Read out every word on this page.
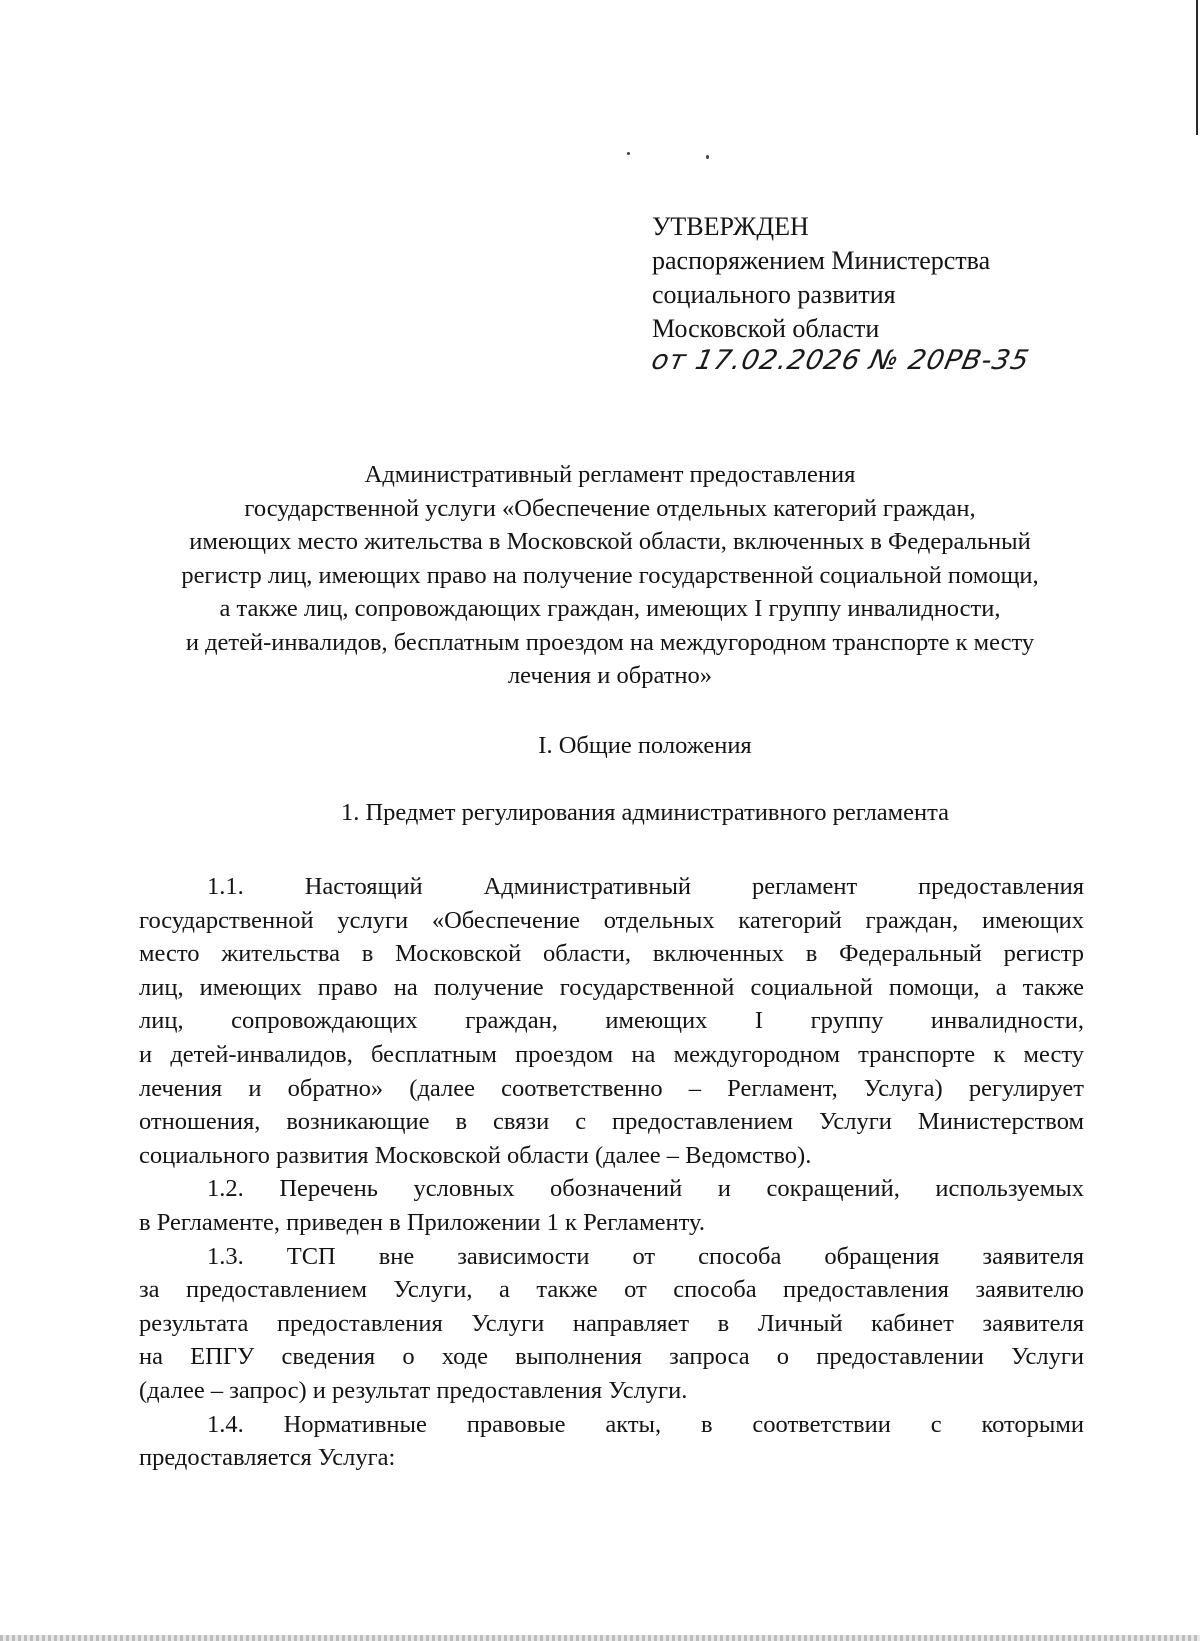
УТВЕРЖДЕН
распоряжением Министерства
социального развития
Московской области
от 17.02.2026 № 20РВ-35
Административный регламент предоставления
государственной услуги «Обеспечение отдельных категорий граждан,
имеющих место жительства в Московской области, включенных в Федеральный
регистр лиц, имеющих право на получение государственной социальной помощи,
а также лиц, сопровождающих граждан, имеющих I группу инвалидности,
и детей-инвалидов, бесплатным проездом на междугородном транспорте к месту
лечения и обратно»
I. Общие положения
1. Предмет регулирования административного регламента
1.1. Настоящий Административный регламент предоставления
государственной услуги «Обеспечение отдельных категорий граждан, имеющих
место жительства в Московской области, включенных в Федеральный регистр
лиц, имеющих право на получение государственной социальной помощи, а также
лиц, сопровождающих граждан, имеющих I группу инвалидности,
и детей-инвалидов, бесплатным проездом на междугородном транспорте к месту
лечения и обратно» (далее соответственно – Регламент, Услуга) регулирует
отношения, возникающие в связи с предоставлением Услуги Министерством
социального развития Московской области (далее – Ведомство).
1.2. Перечень условных обозначений и сокращений, используемых
в Регламенте, приведен в Приложении 1 к Регламенту.
1.3. ТСП вне зависимости от способа обращения заявителя
за предоставлением Услуги, а также от способа предоставления заявителю
результата предоставления Услуги направляет в Личный кабинет заявителя
на ЕПГУ сведения о ходе выполнения запроса о предоставлении Услуги
(далее – запрос) и результат предоставления Услуги.
1.4. Нормативные правовые акты, в соответствии с которыми
предоставляется Услуга:
